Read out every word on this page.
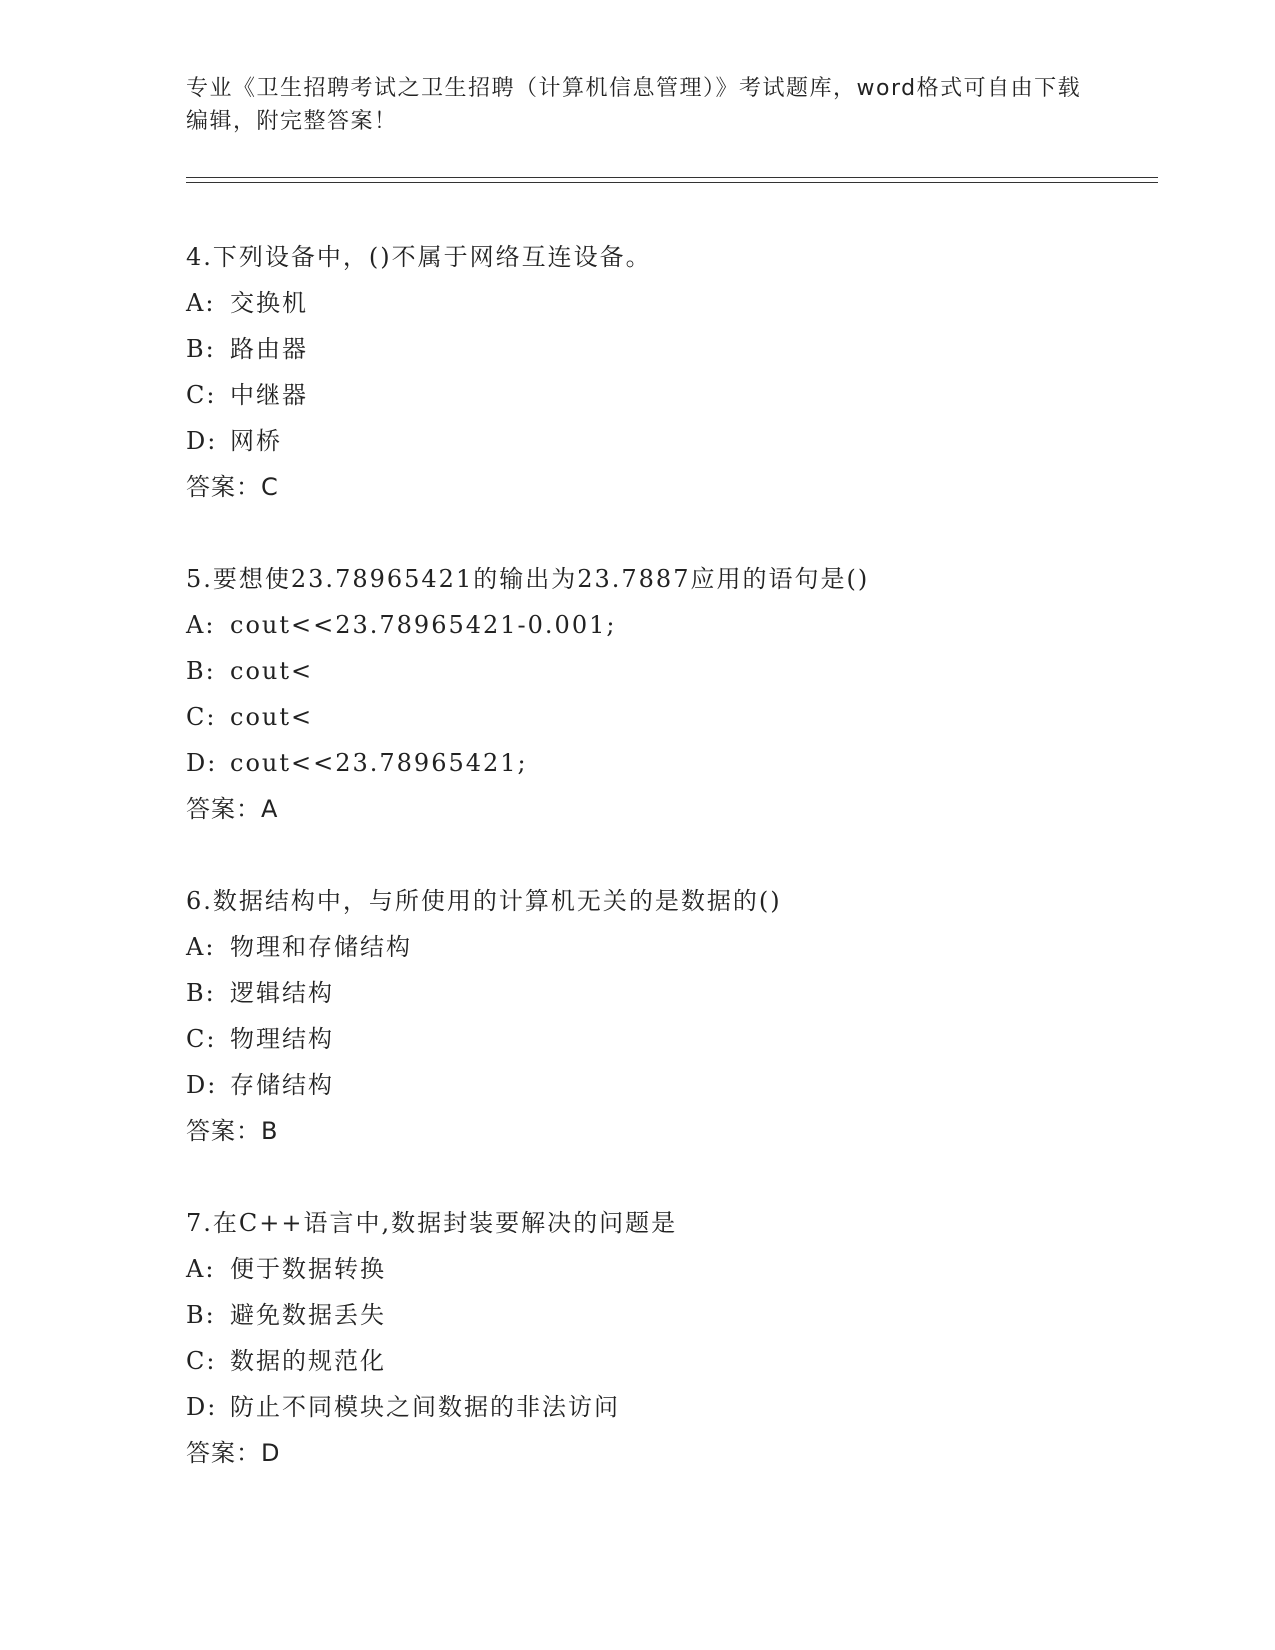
专业《卫生招聘考试之卫生招聘（计算机信息管理）》考试题库，word格式可自由下载编辑，附完整答案！
4.下列设备中，()不属于网络互连设备。
A: 交换机
B: 路由器
C: 中继器
D: 网桥
答案：C
5.要想使23.78965421的输出为23.7887应用的语句是()
A: cout<<23.78965421-0.001;
B: cout<
C: cout<
D: cout<<23.78965421;
答案：A
6.数据结构中，与所使用的计算机无关的是数据的()
A: 物理和存储结构
B: 逻辑结构
C: 物理结构
D: 存储结构
答案：B
7.在C++语言中,数据封装要解决的问题是
A: 便于数据转换
B: 避免数据丢失
C: 数据的规范化
D: 防止不同模块之间数据的非法访问
答案：D
